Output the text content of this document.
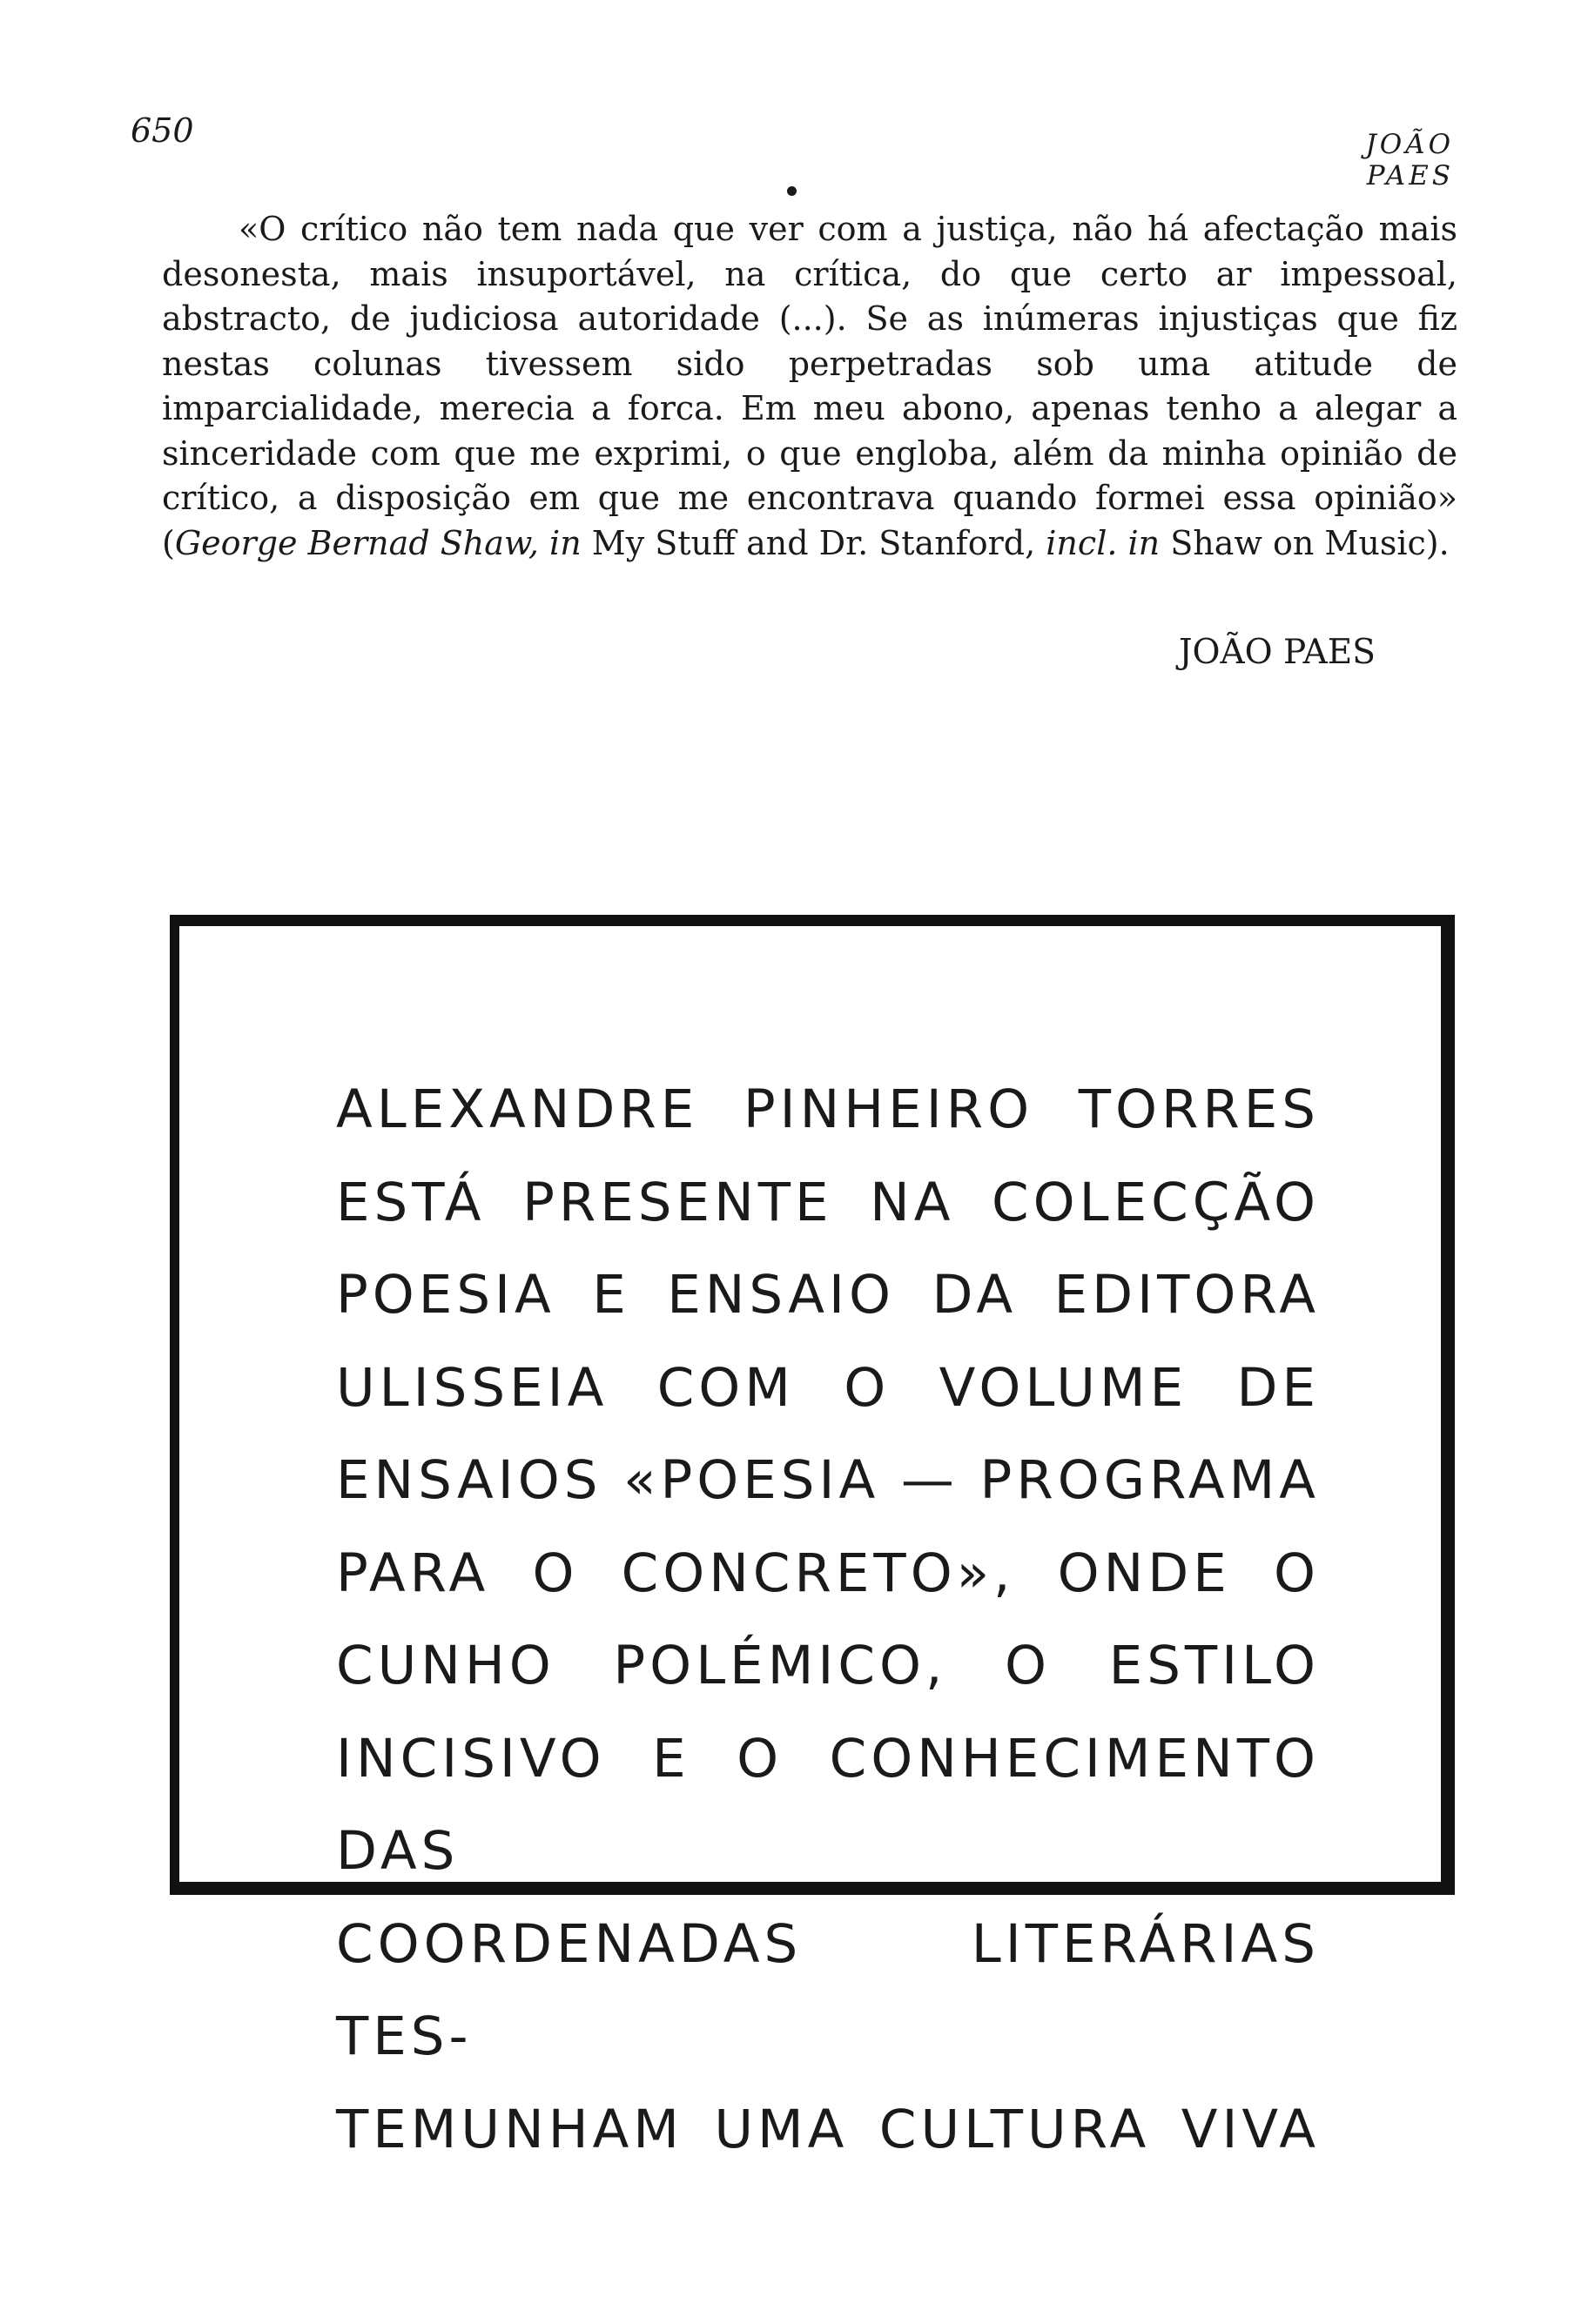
650	JOÃO PAES

«O crítico não tem nada que ver com a justiça, não há afectação mais desonesta, mais insuportável, na crítica, do que certo ar impessoal, abstracto, de judiciosa autoridade (...). Se as inúmeras injustiças que fiz nestas colunas tivessem sido perpetradas sob uma atitude de imparcialidade, merecia a forca. Em meu abono, apenas tenho a alegar a sinceridade com que me exprimi, o que engloba, além da minha opinião de crítico, a disposição em que me encontrava quando formei essa opinião» (George Bernad Shaw, in My Stuff and Dr. Stanford, incl. in Shaw on Music).

JOÃO PAES

ALEXANDRE PINHEIRO TORRES
ESTÁ PRESENTE NA COLECÇÃO
POESIA E ENSAIO DA EDITORA
ULISSEIA COM O VOLUME DE
ENSAIOS «POESIA — PROGRAMA
PARA O CONCRETO», ONDE O
CUNHO POLÉMICO, O ESTILO
INCISIVO E O CONHECIMENTO DAS
COORDENADAS LITERÁRIAS TES-
TEMUNHAM UMA CULTURA VIVA
